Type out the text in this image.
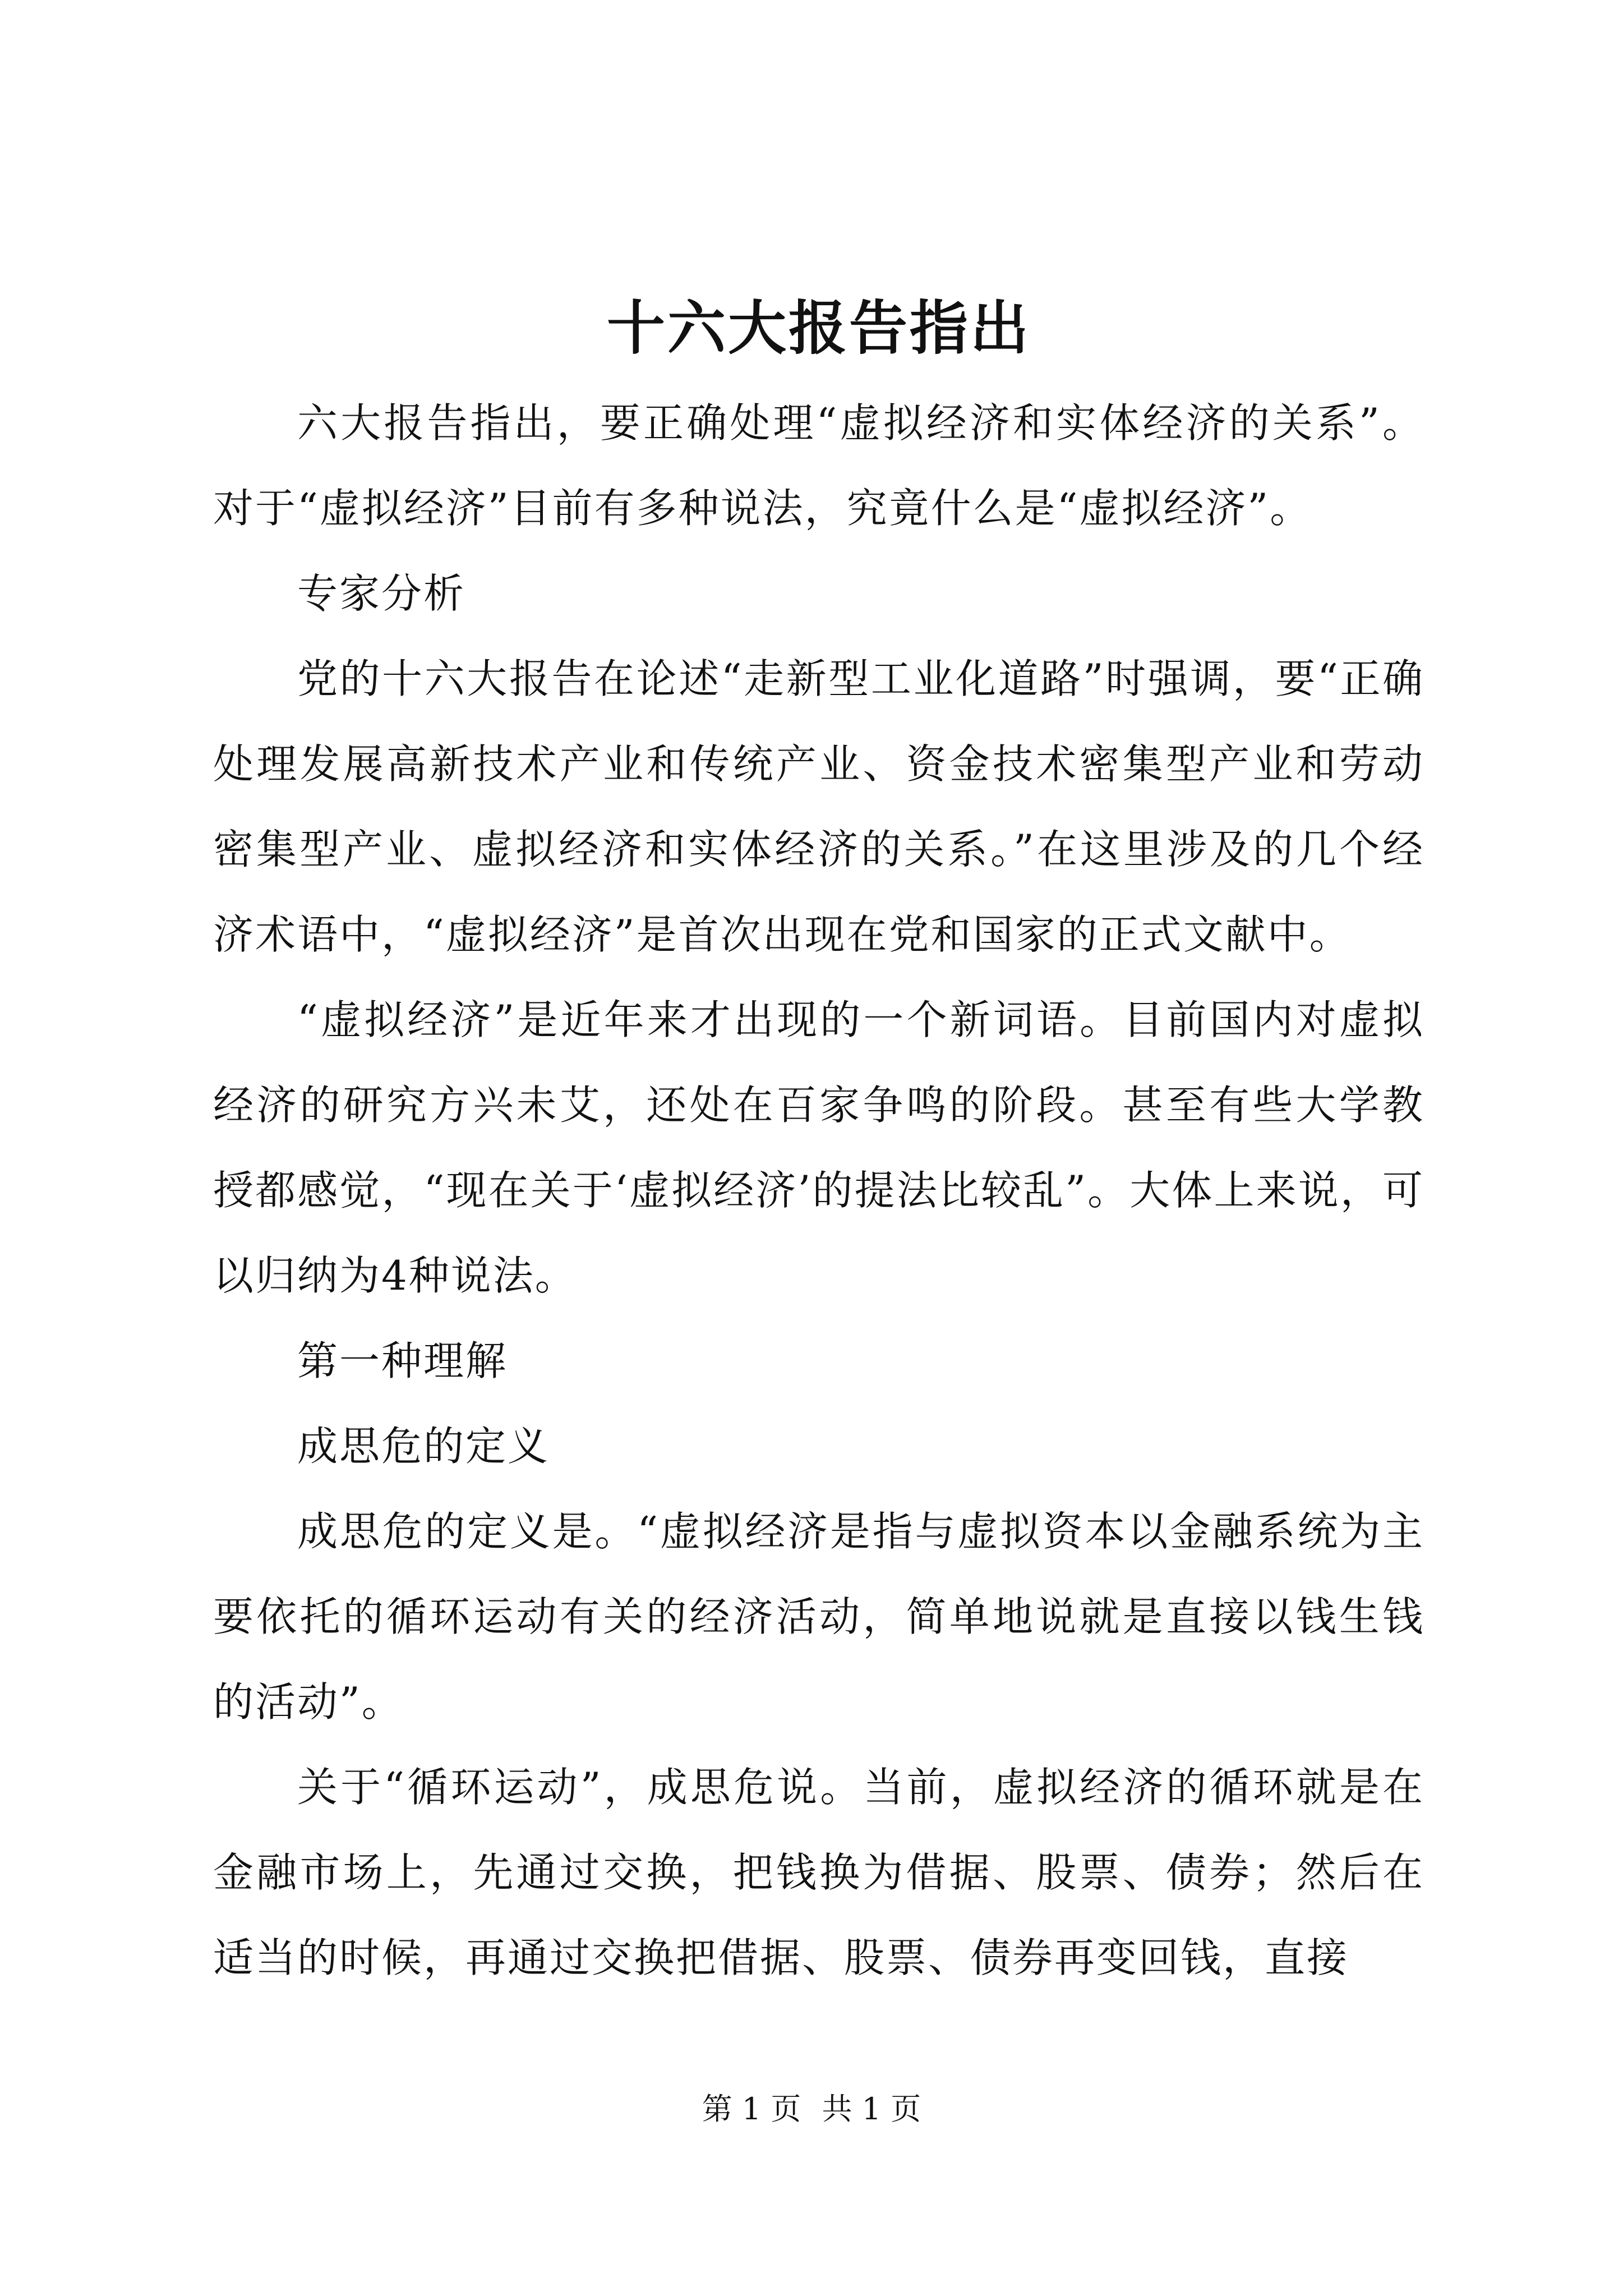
十六大报告指出

六大报告指出，要正确处理“虚拟经济和实体经济的关系”。对于“虚拟经济”目前有多种说法，究竟什么是“虚拟经济”。

专家分析

党的十六大报告在论述“走新型工业化道路”时强调，要“正确处理发展高新技术产业和传统产业、资金技术密集型产业和劳动密集型产业、虚拟经济和实体经济的关系。”在这里涉及的几个经济术语中，“虚拟经济”是首次出现在党和国家的正式文献中。

“虚拟经济”是近年来才出现的一个新词语。目前国内对虚拟经济的研究方兴未艾，还处在百家争鸣的阶段。甚至有些大学教授都感觉，“现在关于‘虚拟经济’的提法比较乱”。大体上来说，可以归纳为4种说法。

第一种理解

成思危的定义

成思危的定义是。“虚拟经济是指与虚拟资本以金融系统为主要依托的循环运动有关的经济活动，简单地说就是直接以钱生钱的活动”。

关于“循环运动”，成思危说。当前，虚拟经济的循环就是在金融市场上，先通过交换，把钱换为借据、股票、债券；然后在适当的时候，再通过交换把借据、股票、债券再变回钱，直接

第 1 页 共 1 页
